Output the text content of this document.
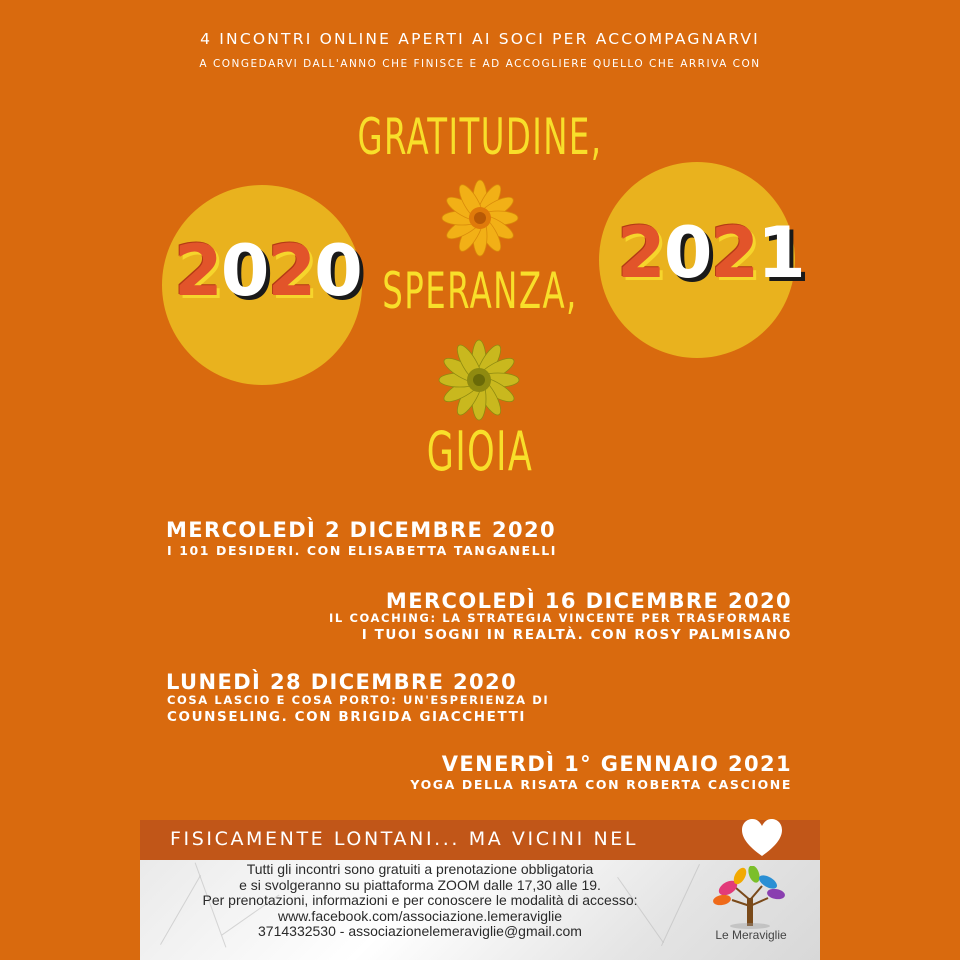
4 INCONTRI ONLINE APERTI AI SOCI PER ACCOMPAGNARVI
A CONGEDARVI DALL'ANNO CHE FINISCE E AD ACCOGLIERE QUELLO CHE ARRIVA CON
2020	2021
GRATITUDINE,
SPERANZA,
GIOIA
MERCOLEDÌ 2 DICEMBRE 2020
I 101 DESIDERI. CON ELISABETTA TANGANELLI
MERCOLEDÌ 16 DICEMBRE 2020
IL COACHING: LA STRATEGIA VINCENTE PER TRASFORMARE
I TUOI SOGNI IN REALTÀ. CON ROSY PALMISANO
LUNEDÌ 28 DICEMBRE 2020
COSA LASCIO E COSA PORTO: UN'ESPERIENZA DI
COUNSELING. CON BRIGIDA GIACCHETTI
VENERDÌ 1° GENNAIO 2021
YOGA DELLA RISATA CON ROBERTA CASCIONE
FISICAMENTE LONTANI... MA VICINI NEL
Tutti gli incontri sono gratuiti a prenotazione obbligatoria
e si svolgeranno su piattaforma ZOOM dalle 17,30 alle 19.
Per prenotazioni, informazioni e per conoscere le modalità di accesso:
www.facebook.com/associazione.lemeraviglie
3714332530 - associazionelemeraviglie@gmail.com	Le Meraviglie
